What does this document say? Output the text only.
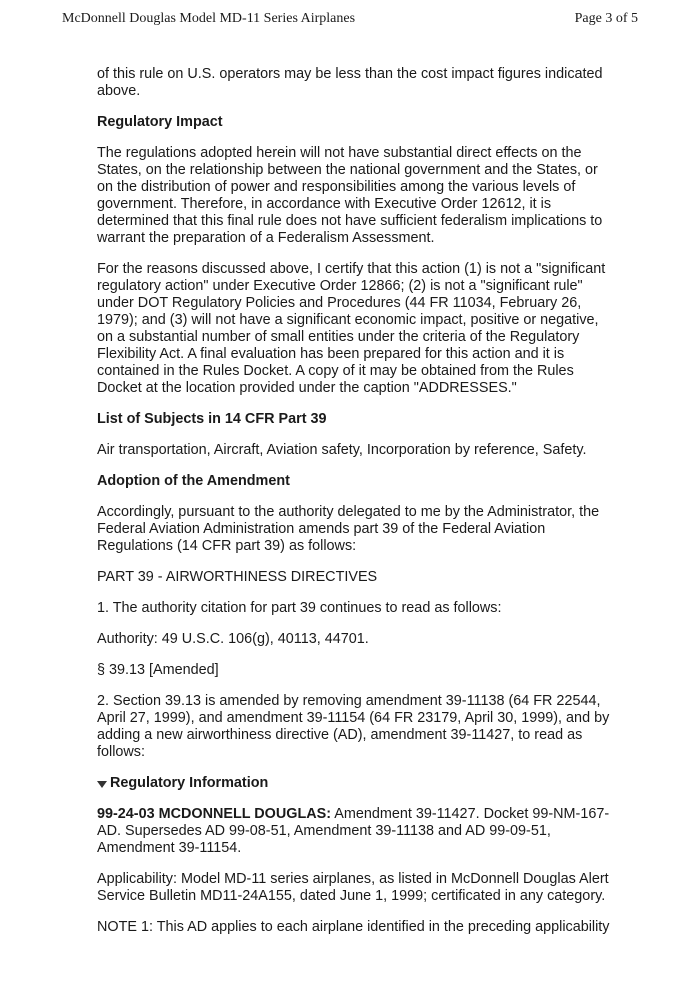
McDonnell Douglas Model MD-11 Series Airplanes	Page 3 of 5

of this rule on U.S. operators may be less than the cost impact figures indicated above.

Regulatory Impact

The regulations adopted herein will not have substantial direct effects on the States, on the relationship between the national government and the States, or on the distribution of power and responsibilities among the various levels of government. Therefore, in accordance with Executive Order 12612, it is determined that this final rule does not have sufficient federalism implications to warrant the preparation of a Federalism Assessment.

For the reasons discussed above, I certify that this action (1) is not a "significant regulatory action" under Executive Order 12866; (2) is not a "significant rule" under DOT Regulatory Policies and Procedures (44 FR 11034, February 26, 1979); and (3) will not have a significant economic impact, positive or negative, on a substantial number of small entities under the criteria of the Regulatory Flexibility Act. A final evaluation has been prepared for this action and it is contained in the Rules Docket. A copy of it may be obtained from the Rules Docket at the location provided under the caption "ADDRESSES."

List of Subjects in 14 CFR Part 39

Air transportation, Aircraft, Aviation safety, Incorporation by reference, Safety.

Adoption of the Amendment

Accordingly, pursuant to the authority delegated to me by the Administrator, the Federal Aviation Administration amends part 39 of the Federal Aviation Regulations (14 CFR part 39) as follows:

PART 39 - AIRWORTHINESS DIRECTIVES

1. The authority citation for part 39 continues to read as follows:

Authority: 49 U.S.C. 106(g), 40113, 44701.

§ 39.13 [Amended]

2. Section 39.13 is amended by removing amendment 39-11138 (64 FR 22544, April 27, 1999), and amendment 39-11154 (64 FR 23179, April 30, 1999), and by adding a new airworthiness directive (AD), amendment 39-11427, to read as follows:

Regulatory Information

99-24-03 MCDONNELL DOUGLAS: Amendment 39-11427. Docket 99-NM-167-AD. Supersedes AD 99-08-51, Amendment 39-11138 and AD 99-09-51, Amendment 39-11154.

Applicability: Model MD-11 series airplanes, as listed in McDonnell Douglas Alert Service Bulletin MD11-24A155, dated June 1, 1999; certificated in any category.

NOTE 1: This AD applies to each airplane identified in the preceding applicability
